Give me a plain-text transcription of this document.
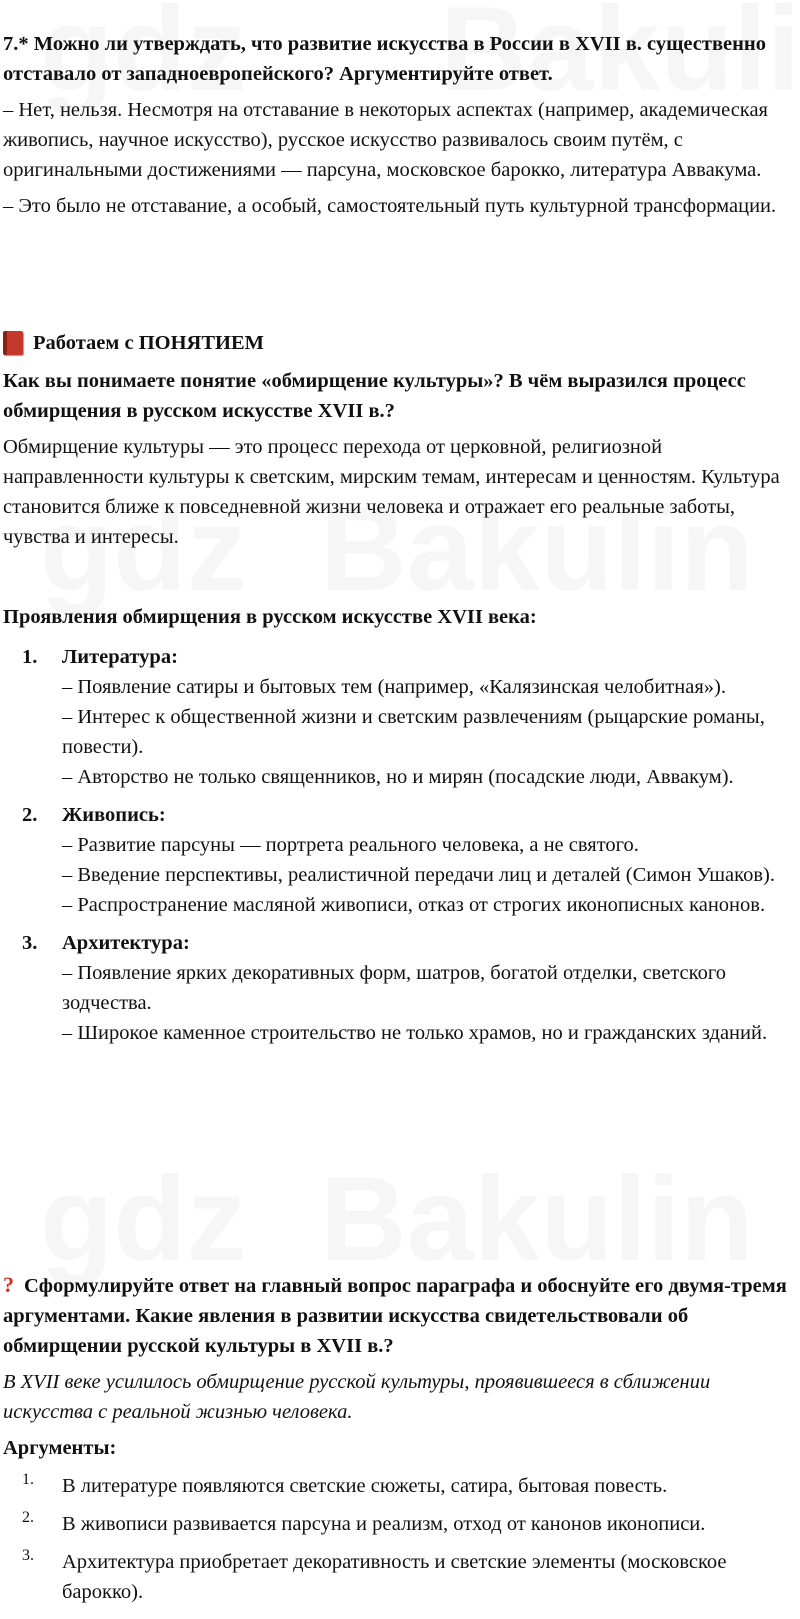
7.* Можно ли утверждать, что развитие искусства в России в XVII в. существенно отставало от западноевропейского? Аргументируйте ответ.

– Нет, нельзя. Несмотря на отставание в некоторых аспектах (например, академическая живопись, научное искусство), русское искусство развивалось своим путём, с оригинальными достижениями — парсуна, московское барокко, литература Аввакума.

– Это было не отставание, а особый, самостоятельный путь культурной трансформации.

Работаем с ПОНЯТИЕМ

Как вы понимаете понятие «обмирщение культуры»? В чём выразился процесс обмирщения в русском искусстве XVII в.?

Обмирщение культуры — это процесс перехода от церковной, религиозной направленности культуры к светским, мирским темам, интересам и ценностям. Культура становится ближе к повседневной жизни человека и отражает его реальные заботы, чувства и интересы.

Проявления обмирщения в русском искусстве XVII века:

1. Литература:

– Появление сатиры и бытовых тем (например, «Калязинская челобитная»).

– Интерес к общественной жизни и светским развлечениям (рыцарские романы, повести).

– Авторство не только священников, но и мирян (посадские люди, Аввакум).

2. Живопись:

– Развитие парсуны — портрета реального человека, а не святого.

– Введение перспективы, реалистичной передачи лиц и деталей (Симон Ушаков).

– Распространение масляной живописи, отказ от строгих иконописных канонов.

3. Архитектура:

– Появление ярких декоративных форм, шатров, богатой отделки, светского зодчества.

– Широкое каменное строительство не только храмов, но и гражданских зданий.

? Сформулируйте ответ на главный вопрос параграфа и обоснуйте его двумя-тремя аргументами. Какие явления в развитии искусства свидетельствовали об обмирщении русской культуры в XVII в.?

В XVII веке усилилось обмирщение русской культуры, проявившееся в сближении искусства с реальной жизнью человека.

Аргументы:

1. В литературе появляются светские сюжеты, сатира, бытовая повесть.

2. В живописи развивается парсуна и реализм, отход от канонов иконописи.

3. Архитектура приобретает декоративность и светские элементы (московское барокко).
